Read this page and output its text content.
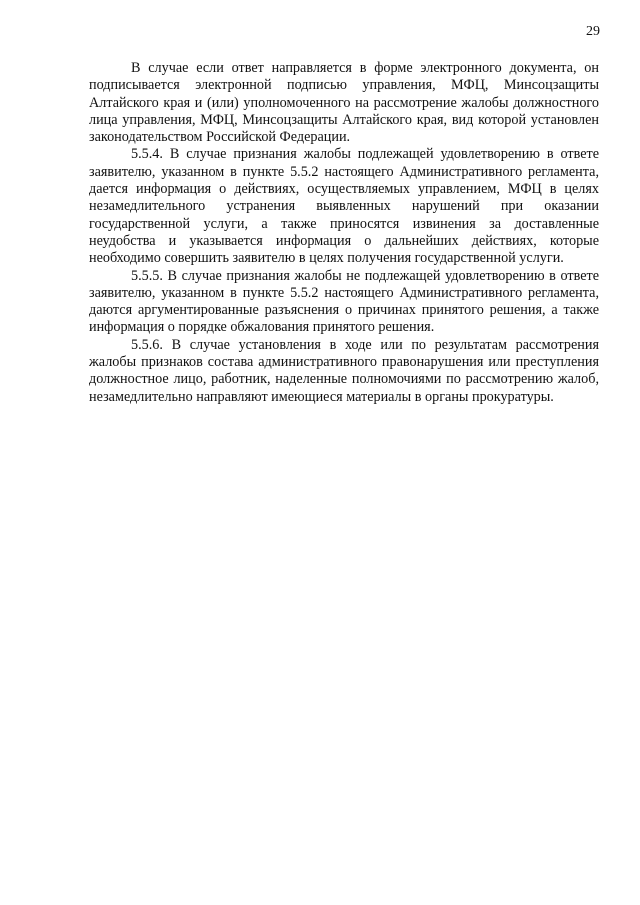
29

В случае если ответ направляется в форме электронного документа, он подписывается электронной подписью управления, МФЦ, Минсоцзащиты Алтайского края и (или) уполномоченного на рассмотрение жалобы должностного лица управления, МФЦ, Минсоцзащиты Алтайского края, вид которой установлен законодательством Российской Федерации.

5.5.4. В случае признания жалобы подлежащей удовлетворению в ответе заявителю, указанном в пункте 5.5.2 настоящего Административного регламента, дается информация о действиях, осуществляемых управлением, МФЦ в целях незамедлительного устранения выявленных нарушений при оказании государственной услуги, а также приносятся извинения за доставленные неудобства и указывается информация о дальнейших действиях, которые необходимо совершить заявителю в целях получения государственной услуги.

5.5.5. В случае признания жалобы не подлежащей удовлетворению в ответе заявителю, указанном в пункте 5.5.2 настоящего Административного регламента, даются аргументированные разъяснения о причинах принятого решения, а также информация о порядке обжалования принятого решения.

5.5.6. В случае установления в ходе или по результатам рассмотрения жалобы признаков состава административного правонарушения или преступления должностное лицо, работник, наделенные полномочиями по рассмотрению жалоб, незамедлительно направляют имеющиеся материалы в органы прокуратуры.
